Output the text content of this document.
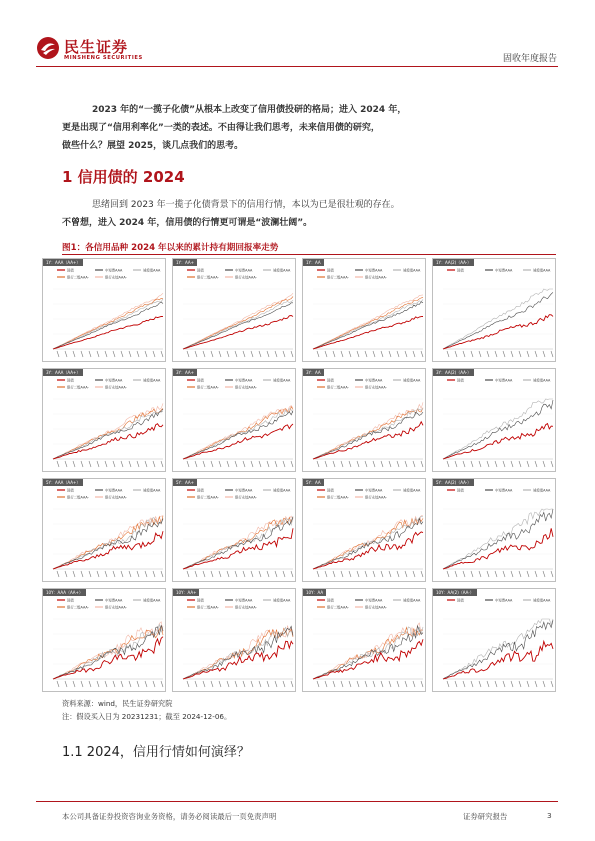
民生证券
MINSHENG SECURITIES	固收年度报告
2023 年的“一揽子化债”从根本上改变了信用债投研的格局；进入 2024 年，
更是出现了“信用利率化”一类的表述。不由得让我们思考，未来信用债的研究，
做些什么？展望 2025，谈几点我们的思考。
1 信用债的 2024
思绪回到 2023 年一揽子化债背景下的信用行情，本以为已是很壮观的存在。
不曾想，进入 2024 年，信用债的行情更可谓是“波澜壮阔”。
图1：各信用品种 2024 年以来的累计持有期回报率走势
1Y：AAA（AA+）
国债	中短票AAA	城投债AAA
银行二级AAA-	银行永续AAA-
1Y：AA+
国债	中短票AAA	城投债AAA
银行二级AAA-	银行永续AAA-
1Y：AA
国债	中短票AAA	城投债AAA
银行二级AAA-	银行永续AAA-
1Y：AA(2)（AA-）
国债	中短票AAA	城投债AAA
3Y：AAA（AA+）
国债	中短票AAA	城投债AAA
银行二级AAA-	银行永续AAA-
3Y：AA+
国债	中短票AAA	城投债AAA
银行二级AAA-	银行永续AAA-
3Y：AA
国债	中短票AAA	城投债AAA
银行二级AAA-	银行永续AAA-
3Y：AA(2)（AA-）
国债	中短票AAA	城投债AAA
5Y：AAA（AA+）
国债	中短票AAA	城投债AAA
银行二级AAA-	银行永续AAA-
5Y：AA+
国债	中短票AAA	城投债AAA
银行二级AAA-	银行永续AAA-
5Y：AA
国债	中短票AAA	城投债AAA
银行二级AAA-	银行永续AAA-
5Y：AA(2)（AA-）
国债	中短票AAA	城投债AAA
10Y：AAA（AA+）
国债	中短票AAA	城投债AAA
银行二级AAA-	银行永续AAA-
10Y：AA+
国债	中短票AAA	城投债AAA
银行二级AAA-	银行永续AAA-
10Y：AA
国债	中短票AAA	城投债AAA
银行二级AAA-	银行永续AAA-
10Y：AA(2)（AA-）
国债	中短票AAA	城投债AAA
资料来源：wind，民生证券研究院
注：假设买入日为 20231231；截至 2024-12-06。
1.1 2024，信用行情如何演绎？
本公司具备证券投资咨询业务资格，请务必阅读最后一页免责声明	证券研究报告	3
